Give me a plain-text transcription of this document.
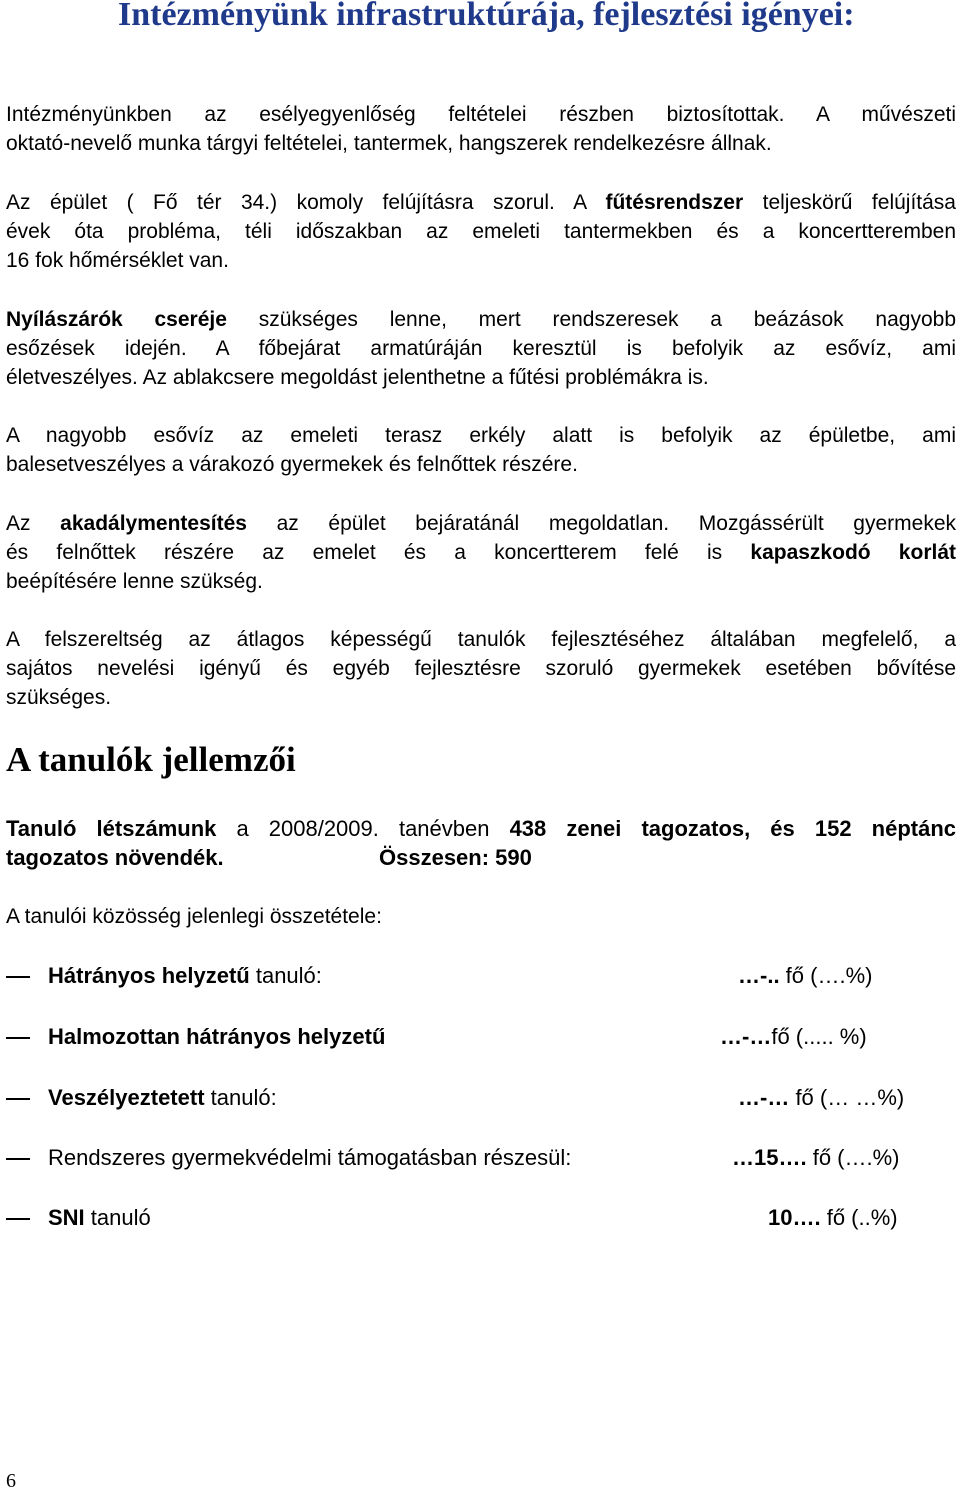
Intézményünk infrastruktúrája, fejlesztési igényei:
Intézményünkben az esélyegyenlőség feltételei részben biztosítottak. A művészeti
oktató-nevelő munka tárgyi feltételei, tantermek, hangszerek rendelkezésre állnak.
Az épület ( Fő tér 34.) komoly felújításra szorul. A fűtésrendszer teljeskörű felújítása
évek óta probléma, téli időszakban az emeleti tantermekben és a koncertteremben
16 fok hőmérséklet van.
Nyílászárók cseréje szükséges lenne, mert rendszeresek a beázások nagyobb
esőzések idején. A főbejárat armatúráján keresztül is befolyik az esővíz, ami
életveszélyes. Az ablakcsere megoldást jelenthetne a fűtési problémákra is.
A nagyobb esővíz az emeleti terasz erkély alatt is befolyik az épületbe, ami
balesetveszélyes a várakozó gyermekek és felnőttek részére.
Az akadálymentesítés az épület bejáratánál megoldatlan. Mozgássérült gyermekek
és felnőttek részére az emelet és a koncertterem felé is kapaszkodó korlát
beépítésére lenne szükség.
A felszereltség az átlagos képességű tanulók fejlesztéséhez általában megfelelő, a
sajátos nevelési igényű és egyéb fejlesztésre szoruló gyermekek esetében bővítése
szükséges.
A tanulók jellemzői
Tanuló létszámunk a 2008/2009. tanévben 438 zenei tagozatos, és 152 néptánc
tagozatos növendék.	Összesen: 590
A tanulói közösség jelenlegi összetétele:
Hátrányos helyzetű tanuló:	…-.. fő (….%)
Halmozottan hátrányos helyzetű	…-…fő (..... %)
Veszélyeztetett tanuló:	…-… fő (… …%)
Rendszeres gyermekvédelmi támogatásban részesül:	…15…. fő (….%)
SNI tanuló	10…. fő (..%)
6
